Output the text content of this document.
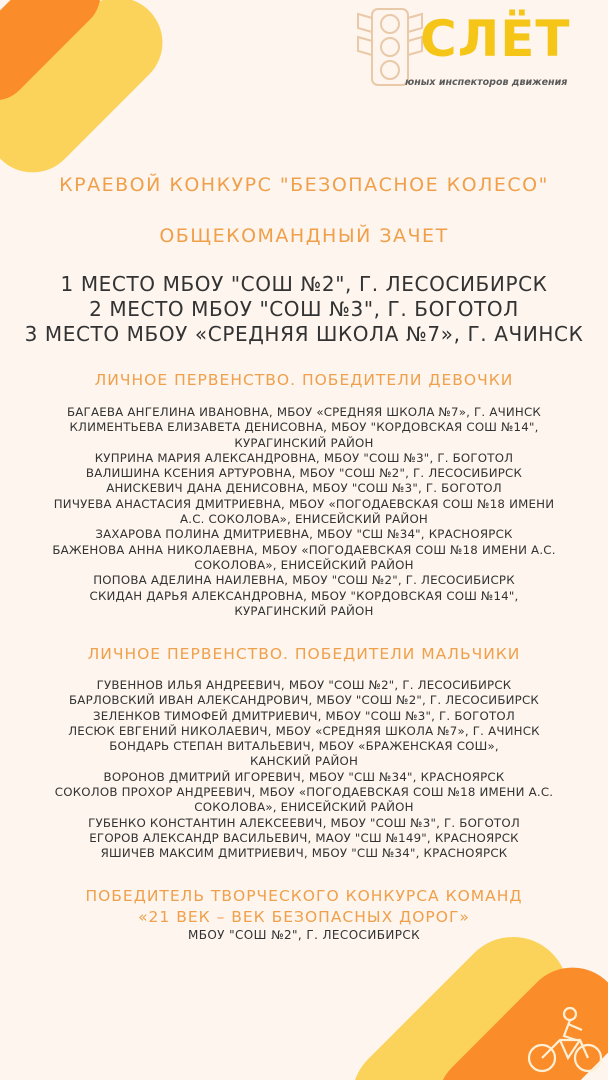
СЛЁТ
юных инспекторов движения
КРАЕВОЙ КОНКУРС "БЕЗОПАСНОЕ КОЛЕСО"
ОБЩЕКОМАНДНЫЙ ЗАЧЕТ
1 МЕСТО МБОУ "СОШ №2", Г. ЛЕСОСИБИРСК
2 МЕСТО МБОУ "СОШ №3", Г. БОГОТОЛ
3 МЕСТО МБОУ «СРЕДНЯЯ ШКОЛА №7», Г. АЧИНСК
ЛИЧНОЕ ПЕРВЕНСТВО. ПОБЕДИТЕЛИ ДЕВОЧКИ
БАГАЕВА АНГЕЛИНА ИВАНОВНА, МБОУ «СРЕДНЯЯ ШКОЛА №7», Г. АЧИНСК
КЛИМЕНТЬЕВА ЕЛИЗАВЕТА ДЕНИСОВНА, МБОУ "КОРДОВСКАЯ СОШ №14",
КУРАГИНСКИЙ РАЙОН
КУПРИНА МАРИЯ АЛЕКСАНДРОВНА, МБОУ "СОШ №3", Г. БОГОТОЛ
ВАЛИШИНА КСЕНИЯ АРТУРОВНА, МБОУ "СОШ №2", Г. ЛЕСОСИБИРСК
АНИСКЕВИЧ ДАНА ДЕНИСОВНА, МБОУ "СОШ №3", Г. БОГОТОЛ
ПИЧУЕВА АНАСТАСИЯ ДМИТРИЕВНА, МБОУ «ПОГОДАЕВСКАЯ СОШ №18 ИМЕНИ
А.С. СОКОЛОВА», ЕНИСЕЙСКИЙ РАЙОН
ЗАХАРОВА ПОЛИНА ДМИТРИЕВНА, МБОУ "СШ №34", КРАСНОЯРСК
БАЖЕНОВА АННА НИКОЛАЕВНА, МБОУ «ПОГОДАЕВСКАЯ СОШ №18 ИМЕНИ А.С.
СОКОЛОВА», ЕНИСЕЙСКИЙ РАЙОН
ПОПОВА АДЕЛИНА НАИЛЕВНА, МБОУ "СОШ №2", Г. ЛЕСОСИБИСРК
СКИДАН ДАРЬЯ АЛЕКСАНДРОВНА, МБОУ "КОРДОВСКАЯ СОШ №14",
КУРАГИНСКИЙ РАЙОН
ЛИЧНОЕ ПЕРВЕНСТВО. ПОБЕДИТЕЛИ МАЛЬЧИКИ
ГУВЕННОВ ИЛЬЯ АНДРЕЕВИЧ, МБОУ "СОШ №2", Г. ЛЕСОСИБИРСК
БАРЛОВСКИЙ ИВАН АЛЕКСАНДРОВИЧ, МБОУ "СОШ №2", Г. ЛЕСОСИБИРСК
ЗЕЛЕНКОВ ТИМОФЕЙ ДМИТРИЕВИЧ, МБОУ "СОШ №3", Г. БОГОТОЛ
ЛЕСЮК ЕВГЕНИЙ НИКОЛАЕВИЧ, МБОУ «СРЕДНЯЯ ШКОЛА №7», Г. АЧИНСК
БОНДАРЬ СТЕПАН ВИТАЛЬЕВИЧ, МБОУ «БРАЖЕНСКАЯ СОШ»,
КАНСКИЙ РАЙОН
ВОРОНОВ ДМИТРИЙ ИГОРЕВИЧ, МБОУ "СШ №34", КРАСНОЯРСК
СОКОЛОВ ПРОХОР АНДРЕЕВИЧ, МБОУ «ПОГОДАЕВСКАЯ СОШ №18 ИМЕНИ А.С.
СОКОЛОВА», ЕНИСЕЙСКИЙ РАЙОН
ГУБЕНКО КОНСТАНТИН АЛЕКСЕЕВИЧ, МБОУ "СОШ №3", Г. БОГОТОЛ
ЕГОРОВ АЛЕКСАНДР ВАСИЛЬЕВИЧ, МАОУ "СШ №149", КРАСНОЯРСК
ЯШИЧЕВ МАКСИМ ДМИТРИЕВИЧ, МБОУ "СШ №34", КРАСНОЯРСК
ПОБЕДИТЕЛЬ ТВОРЧЕСКОГО КОНКУРСА КОМАНД
«21 ВЕК – ВЕК БЕЗОПАСНЫХ ДОРОГ»
МБОУ "СОШ №2", Г. ЛЕСОСИБИРСК
